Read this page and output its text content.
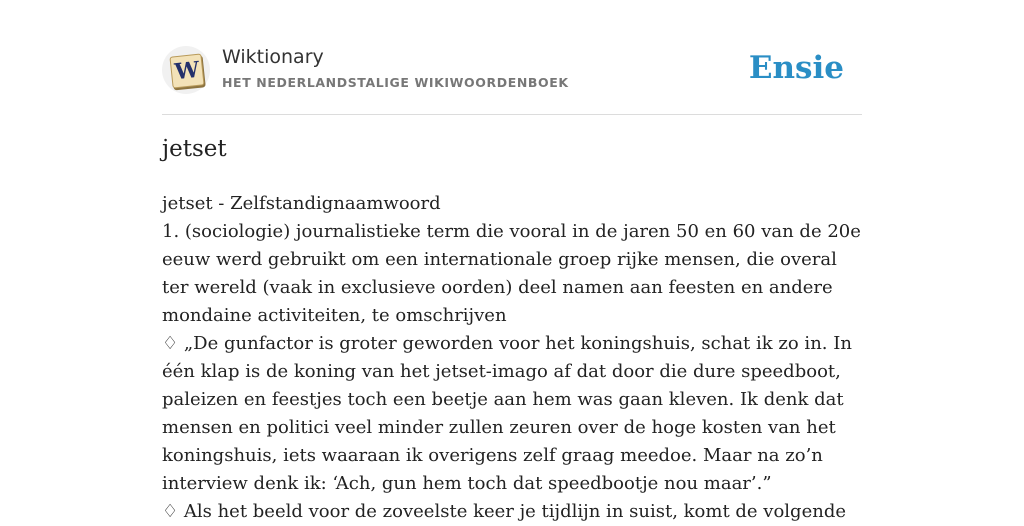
W Wiktionary
HET NEDERLANDSTALIGE WIKIWOORDENBOEK	Ensie
jetset

jetset - Zelfstandignaamwoord

1. (sociologie) journalistieke term die vooral in de jaren 50 en 60 van de 20e eeuw werd gebruikt om een internationale groep rijke mensen, die overal ter wereld (vaak in exclusieve oorden) deel namen aan feesten en andere mondaine activiteiten, te omschrijven

♢ „De gunfactor is groter geworden voor het koningshuis, schat ik zo in. In één klap is de koning van het jetset-imago af dat door die dure speedboot, paleizen en feestjes toch een beetje aan hem was gaan kleven. Ik denk dat mensen en politici veel minder zullen zeuren over de hoge kosten van het koningshuis, iets waaraan ik overigens zelf graag meedoe. Maar na zo’n interview denk ik: ‘Ach, gun hem toch dat speedbootje nou maar’.”

♢ Als het beeld voor de zoveelste keer je tijdlijn in suist, komt de volgende
